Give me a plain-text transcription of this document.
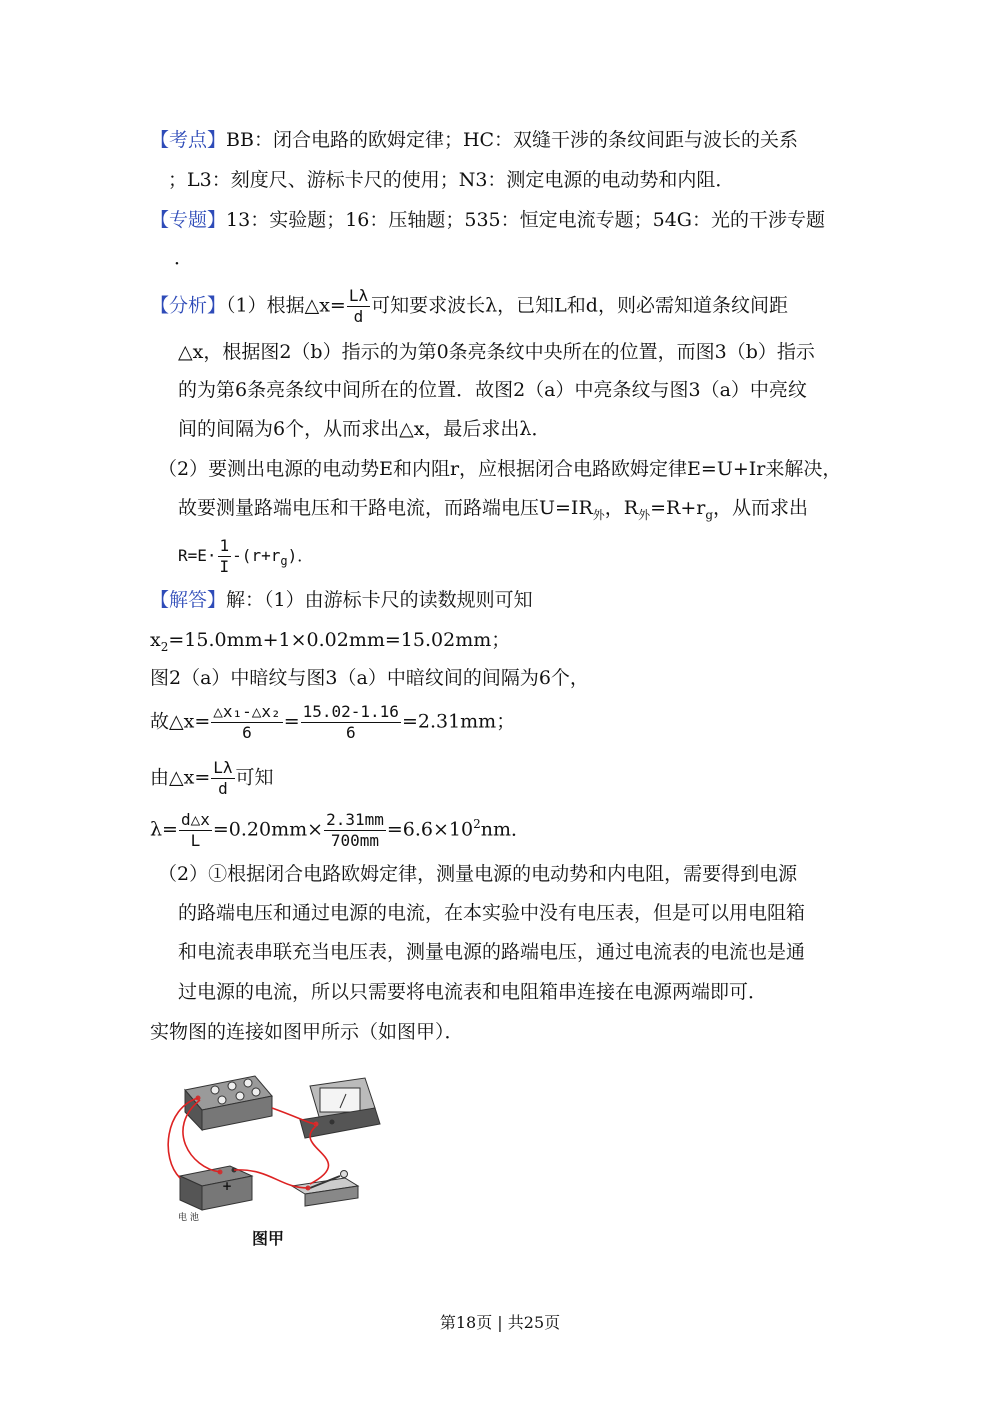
【考点】BB：闭合电路的欧姆定律；HC：双缝干涉的条纹间距与波长的关系
；L3：刻度尺、游标卡尺的使用；N3：测定电源的电动势和内阻．
【专题】13：实验题；16：压轴题；535：恒定电流专题；54G：光的干涉专题
．
【分析】（1）根据△x= $\frac{L\lambda}{d}$ 可知要求波长λ，已知L和d，则必需知道条纹间距
△x，根据图2（b）指示的为第0条亮条纹中央所在的位置，而图3（b）指示
的为第6条亮条纹中间所在的位置．故图2（a）中亮条纹与图3（a）中亮纹
间的间隔为6个，从而求出△x，最后求出λ．
（2）要测出电源的电动势E和内阻r，应根据闭合电路欧姆定律E=U+Ir来解决，
故要测量路端电压和干路电流，而路端电压$U=IR_外$，$R_外=R+r_g$，从而求出
$R=E\cdot \frac{1}{I} -(r+r_g)$．
【解答】解：（1）由游标卡尺的读数规则可知
$x_2=15.0mm+1\times 0.02mm=15.02mm$；
图2（a）中暗纹与图3（a）中暗纹间的间隔为6个，
故△x= $\frac{\text{△x₁-△x₂}}{6} = \frac{15.02-1.16}{6} =2.31mm$；
由△x= $\frac{L\lambda}{d}$ 可知
$\lambda= \frac{d\triangle x}{L} =0.20mm\times \frac{2.31mm}{700mm} =6.6\times 10^2nm$．
（2）①根据闭合电路欧姆定律，测量电源的电动势和内电阻，需要得到电源
的路端电压和通过电源的电流，在本实验中没有电压表，但是可以用电阻箱
和电流表串联充当电压表，测量电源的路端电压，通过电流表的电流也是通
过电源的电流，所以只需要将电流表和电阻箱串连接在电源两端即可．
实物图的连接如图甲所示（如图甲）．
+
电 池
图甲
第18页 | 共25页
